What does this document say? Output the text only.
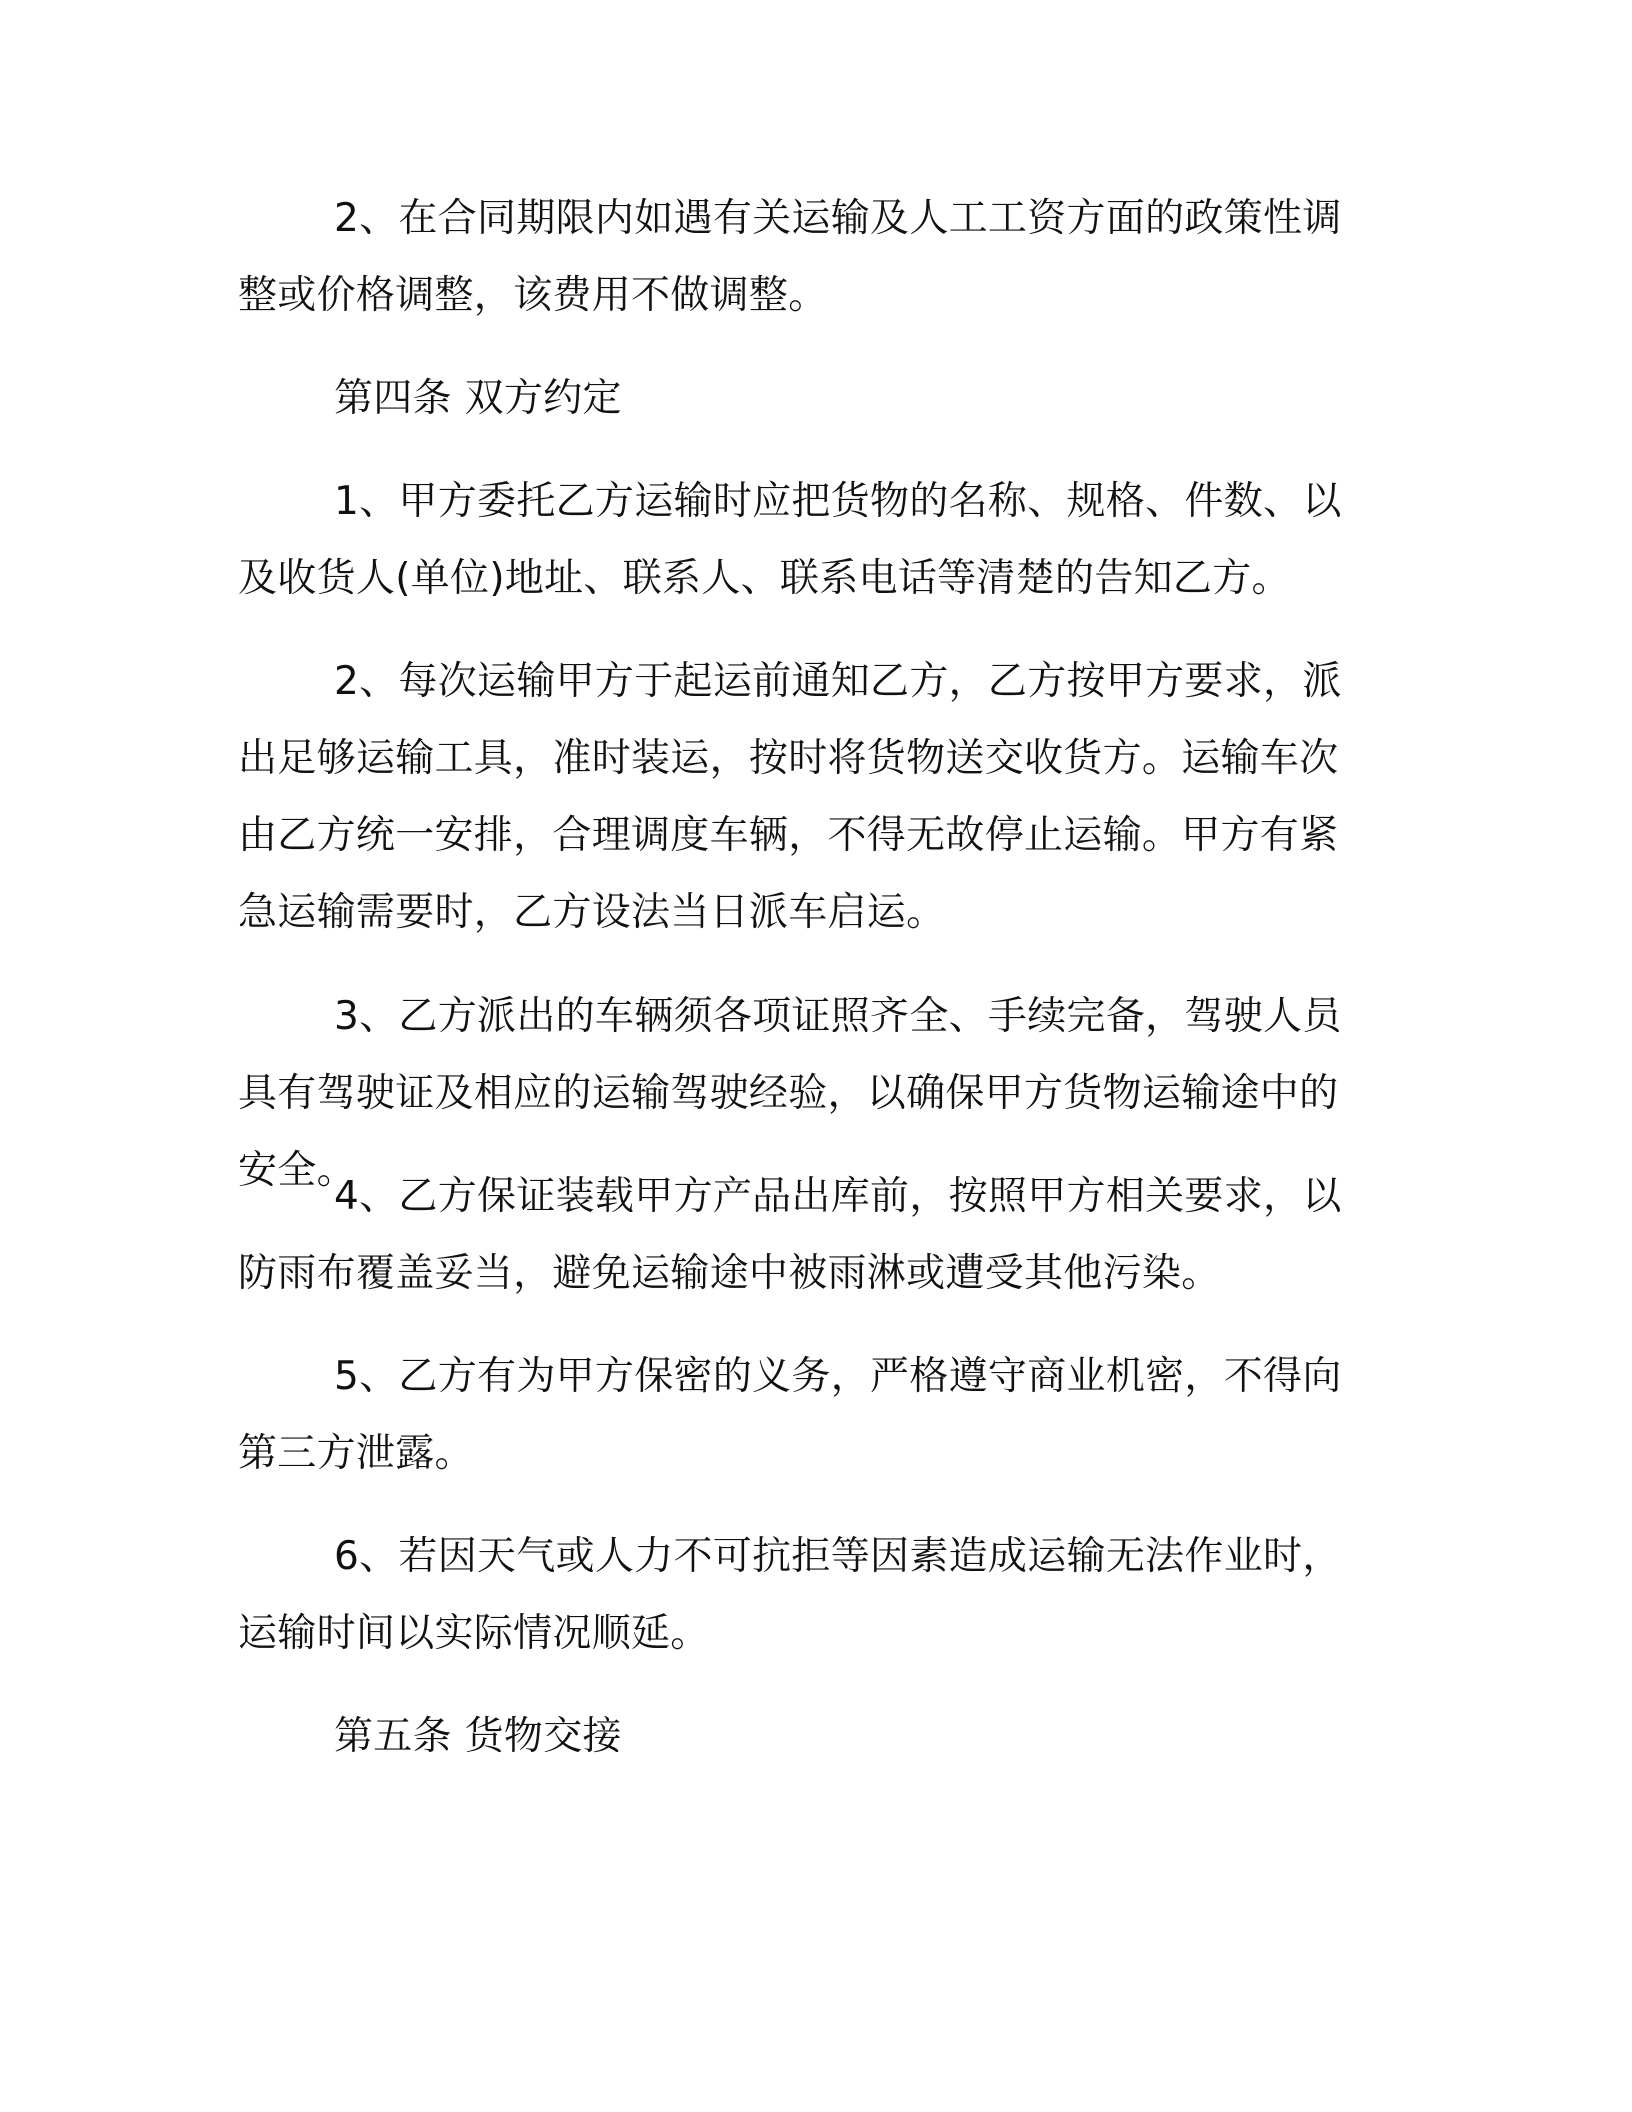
2、在合同期限内如遇有关运输及人工工资方面的政策性调整或价格调整，该费用不做调整。

第四条 双方约定

1、甲方委托乙方运输时应把货物的名称、规格、件数、以及收货人(单位)地址、联系人、联系电话等清楚的告知乙方。

2、每次运输甲方于起运前通知乙方，乙方按甲方要求，派出足够运输工具，准时装运，按时将货物送交收货方。运输车次由乙方统一安排，合理调度车辆，不得无故停止运输。甲方有紧急运输需要时，乙方设法当日派车启运。

3、乙方派出的车辆须各项证照齐全、手续完备，驾驶人员具有驾驶证及相应的运输驾驶经验，以确保甲方货物运输途中的安全。

4、乙方保证装载甲方产品出库前，按照甲方相关要求，以防雨布覆盖妥当，避免运输途中被雨淋或遭受其他污染。

5、乙方有为甲方保密的义务，严格遵守商业机密，不得向第三方泄露。

6、若因天气或人力不可抗拒等因素造成运输无法作业时，运输时间以实际情况顺延。

第五条 货物交接
